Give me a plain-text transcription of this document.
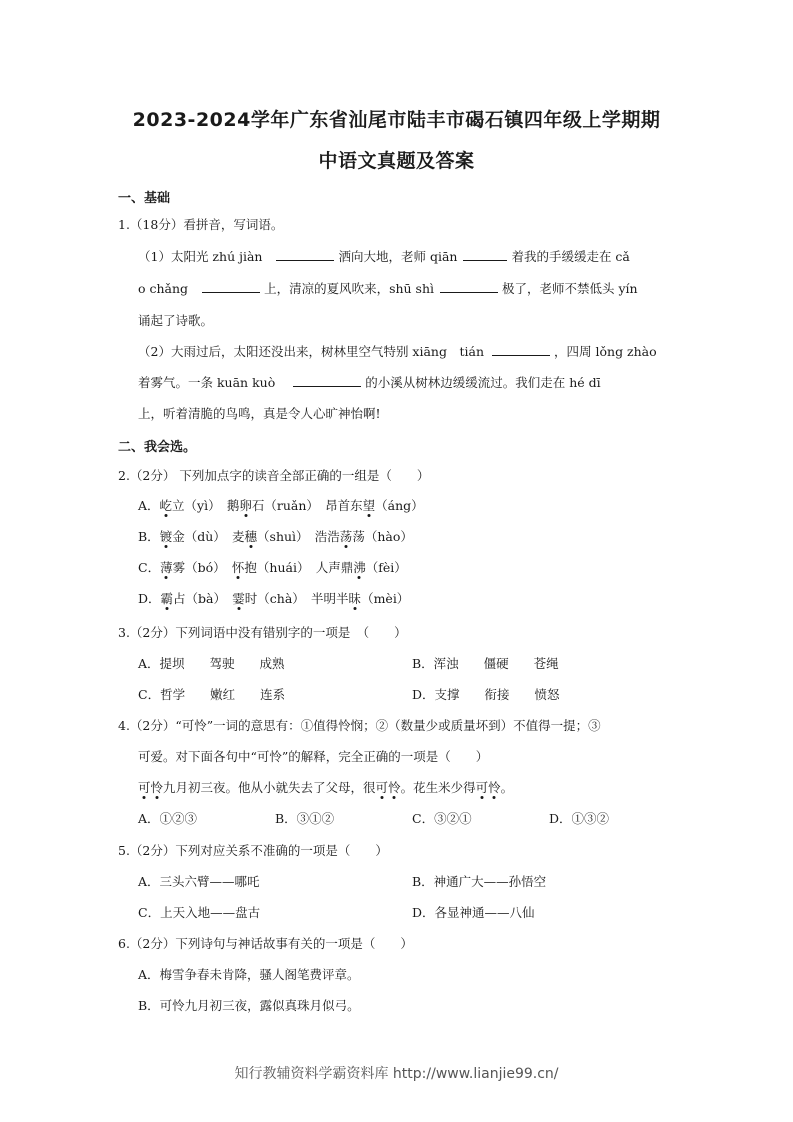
2023-2024学年广东省汕尾市陆丰市碣石镇四年级上学期期
中语文真题及答案
一、基础
1.（18分）看拼音，写词语。
（1）太阳光 zhú jiàn	洒向大地，老师 qiān	着我的手缓缓走在 cǎ
o chǎng	上，清凉的夏风吹来，shū shì	极了，老师不禁低头 yín
诵起了诗歌。
（2）大雨过后，太阳还没出来，树林里空气特别 xiāng　tián	，四周 lǒng zhào
着雾气。一条 kuān kuò	的小溪从树林边缓缓流过。我们走在 hé dī
上，听着清脆的鸟鸣，真是令人心旷神怡啊!
二、我会选。
2.（2分） 下列加点字的读音全部正确的一组是（　　）
A．屹立（yì）　鹅卵石（ruǎn）　昂首东望（áng）
B．镀金（dù）　麦穗（shuì）　浩浩荡荡（hào）
C．薄雾（bó）　怀抱（huái）　人声鼎沸（fèi）
D．霸占（bà）　霎时（chà）　半明半昧（mèi）
3.（2分）下列词语中没有错别字的一项是　（　　）
A．提坝　　驾驶　　成熟	B．浑浊　　僵硬　　苍绳
C．哲学　　嫩红　　连系	D．支撑　　衔接　　愤怒
4.（2分）“可怜”一词的意思有：①值得怜悯；②（数量少或质量坏到）不值得一提；③
可爱。对下面各句中“可怜”的解释，完全正确的一项是（　　）
可怜九月初三夜。他从小就失去了父母，很可怜。花生米少得可怜。
A．①②③	B．③①②	C．③②①	D．①③②
5.（2分）下列对应关系不准确的一项是（　　）
A．三头六臂——哪吒	B．神通广大——孙悟空
C．上天入地——盘古	D．各显神通——八仙
6.（2分）下列诗句与神话故事有关的一项是（　　）
A．梅雪争春未肯降，骚人阁笔费评章。
B．可怜九月初三夜，露似真珠月似弓。
知行教辅资料学霸资料库 http://www.lianjie99.cn/
